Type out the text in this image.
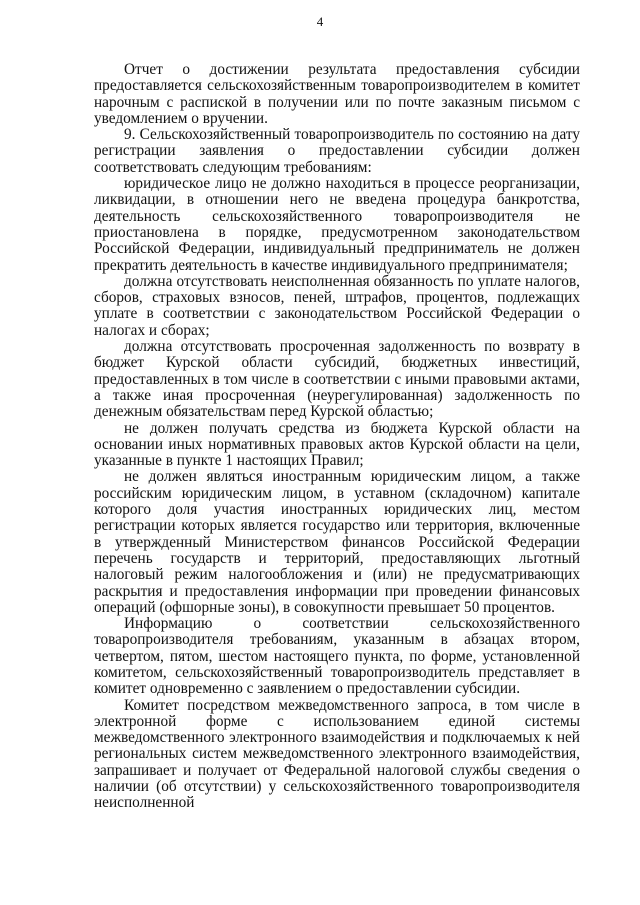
4

Отчет о достижении результата предоставления субсидии предоставляется сельскохозяйственным товаропроизводителем в комитет нарочным с распиской в получении или по почте заказным письмом с уведомлением о вручении.

9. Сельскохозяйственный товаропроизводитель по состоянию на дату регистрации заявления о предоставлении субсидии должен соответствовать следующим требованиям:

юридическое лицо не должно находиться в процессе реорганизации, ликвидации, в отношении него не введена процедура банкротства, деятельность сельскохозяйственного товаропроизводителя не приостановлена в порядке, предусмотренном законодательством Российской Федерации, индивидуальный предприниматель не должен прекратить деятельность в качестве индивидуального предпринимателя;

должна отсутствовать неисполненная обязанность по уплате налогов, сборов, страховых взносов, пеней, штрафов, процентов, подлежащих уплате в соответствии с законодательством Российской Федерации о налогах и сборах;

должна отсутствовать просроченная задолженность по возврату в бюджет Курской области субсидий, бюджетных инвестиций, предоставленных в том числе в соответствии с иными правовыми актами, а также иная просроченная (неурегулированная) задолженность по денежным обязательствам перед Курской областью;

не должен получать средства из бюджета Курской области на основании иных нормативных правовых актов Курской области на цели, указанные в пункте 1 настоящих Правил;

не должен являться иностранным юридическим лицом, а также российским юридическим лицом, в уставном (складочном) капитале которого доля участия иностранных юридических лиц, местом регистрации которых является государство или территория, включенные в утвержденный Министерством финансов Российской Федерации перечень государств и территорий, предоставляющих льготный налоговый режим налогообложения и (или) не предусматривающих раскрытия и предоставления информации при проведении финансовых операций (офшорные зоны), в совокупности превышает 50 процентов.

Информацию о соответствии сельскохозяйственного товаропроизводителя требованиям, указанным в абзацах втором, четвертом, пятом, шестом настоящего пункта, по форме, установленной комитетом, сельскохозяйственный товаропроизводитель представляет в комитет одновременно с заявлением о предоставлении субсидии.

Комитет посредством межведомственного запроса, в том числе в электронной форме с использованием единой системы межведомственного электронного взаимодействия и подключаемых к ней региональных систем межведомственного электронного взаимодействия, запрашивает и получает от Федеральной налоговой службы сведения о наличии (об отсутствии) у сельскохозяйственного товаропроизводителя неисполненной
